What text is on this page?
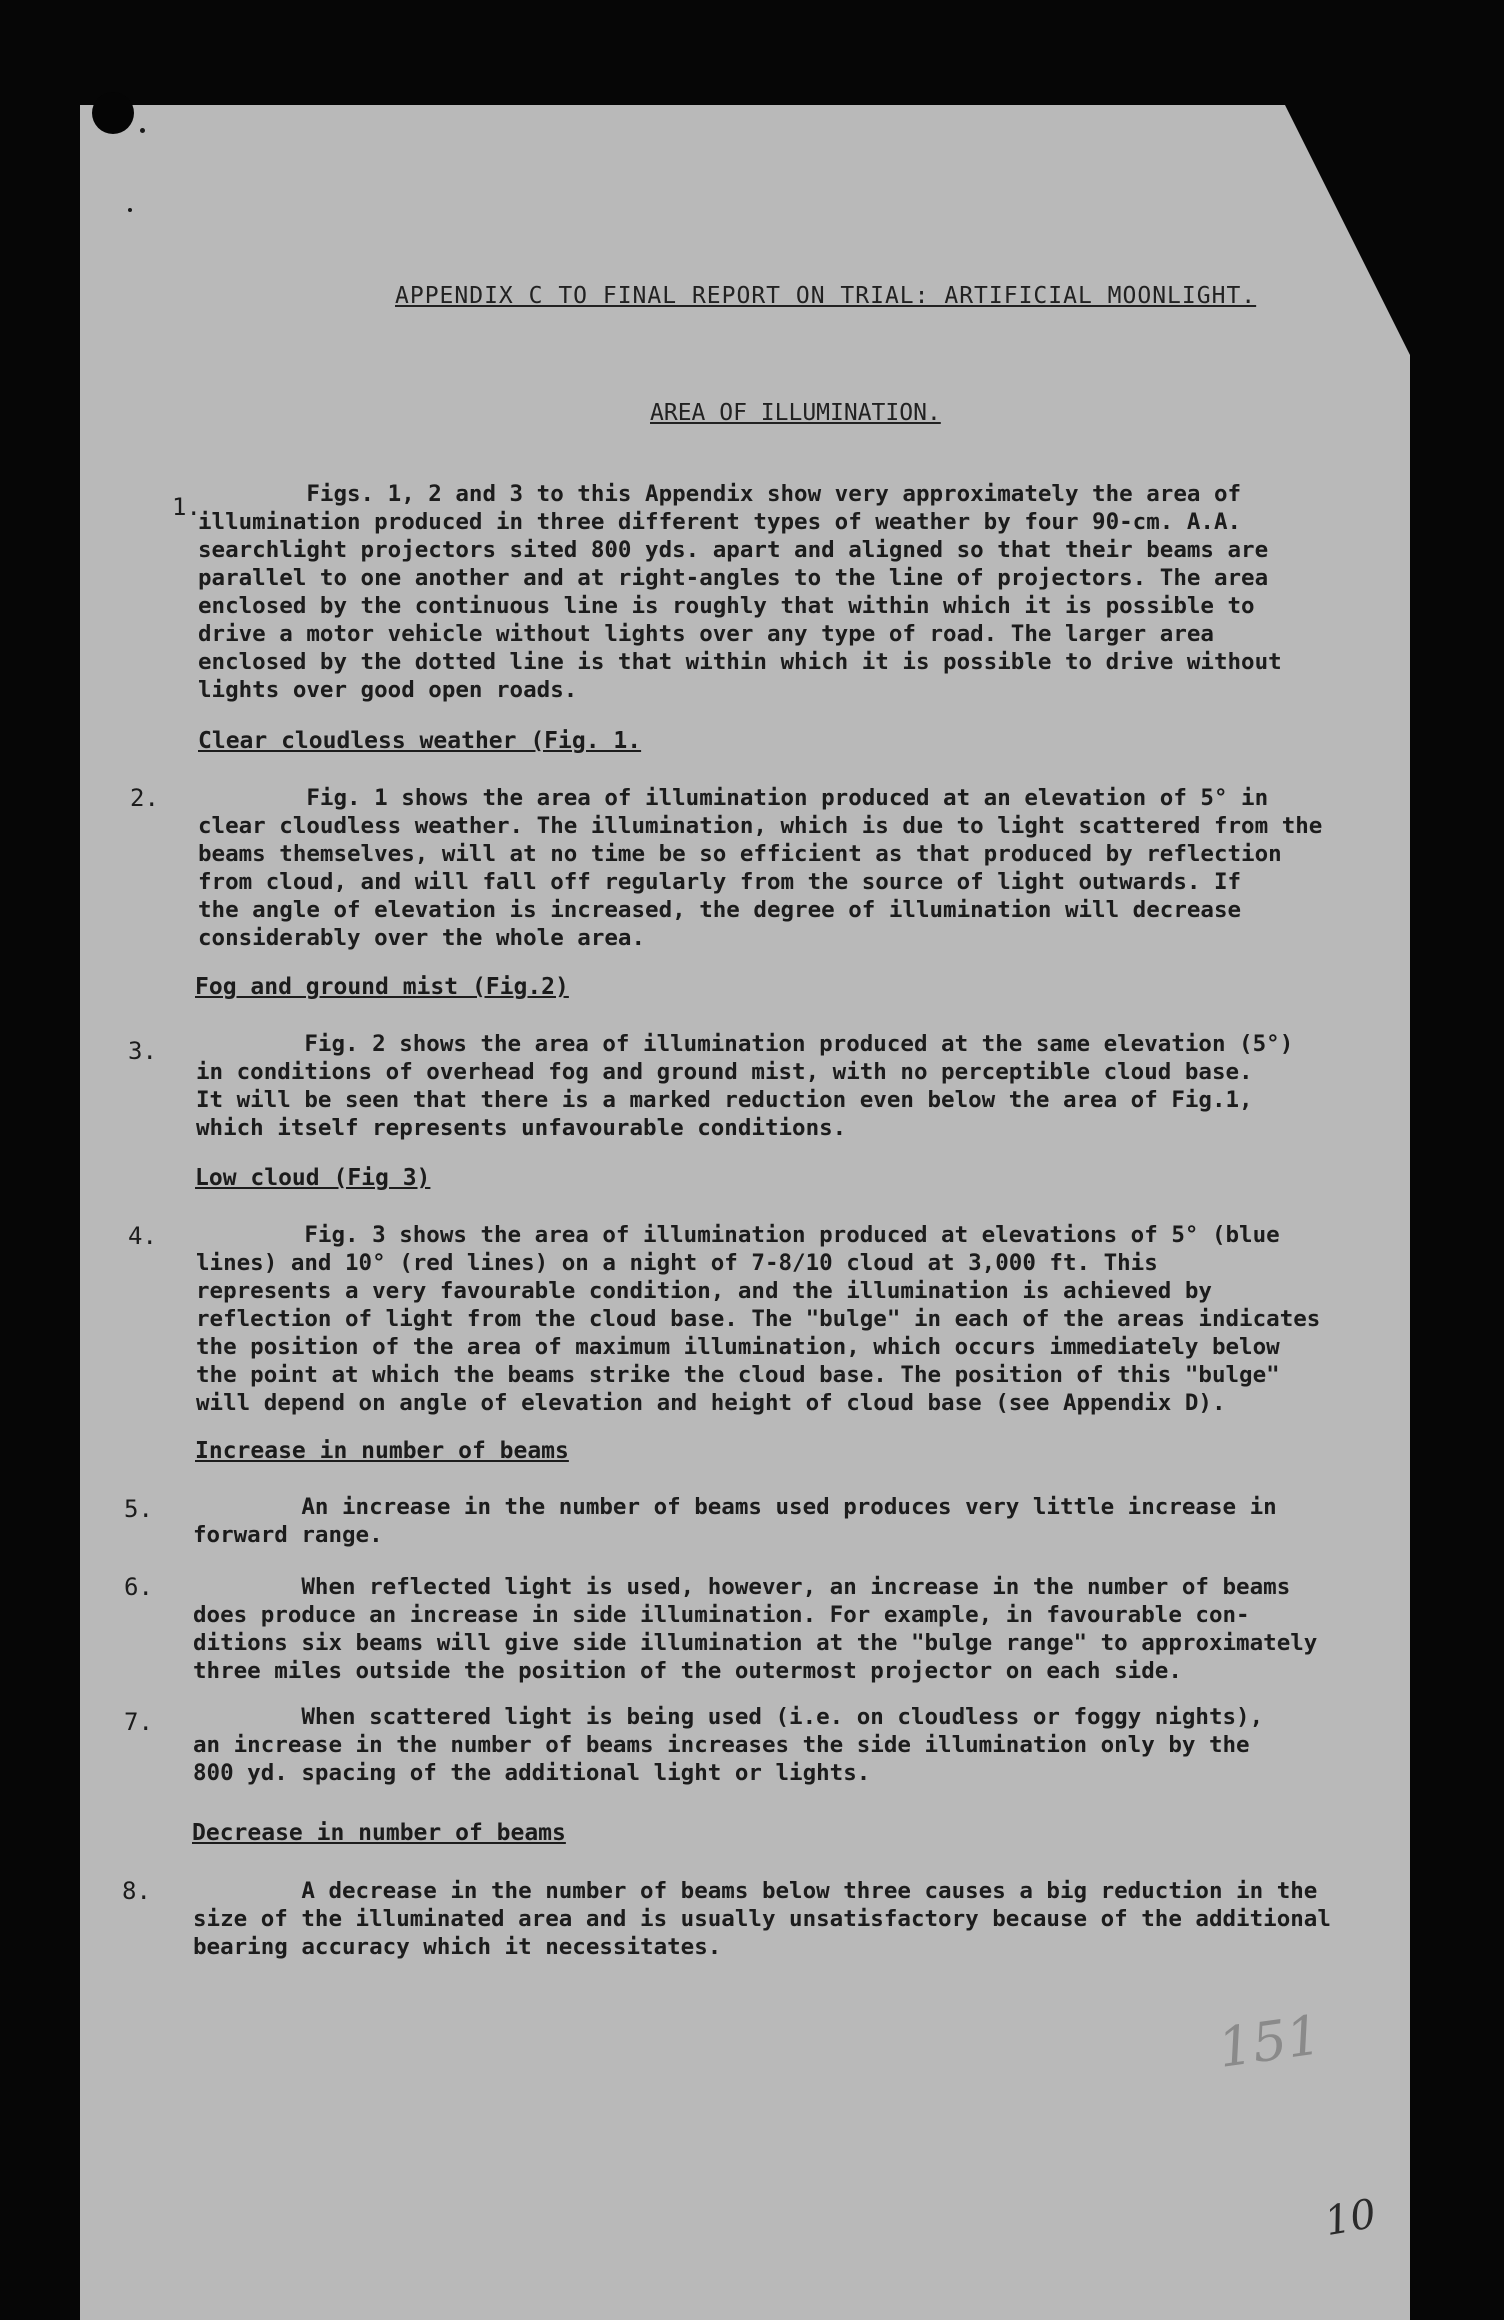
APPENDIX C TO FINAL REPORT ON TRIAL: ARTIFICIAL MOONLIGHT.
AREA OF ILLUMINATION.
1.	Figs. 1, 2 and 3 to this Appendix show very approximately the area of
illumination produced in three different types of weather by four 90-cm. A.A.
searchlight projectors sited 800 yds. apart and aligned so that their beams are
parallel to one another and at right-angles to the line of projectors. The area
enclosed by the continuous line is roughly that within which it is possible to
drive a motor vehicle without lights over any type of road. The larger area
enclosed by the dotted line is that within which it is possible to drive without
lights over good open roads.
Clear cloudless weather (Fig. 1.
2.	Fig. 1 shows the area of illumination produced at an elevation of 5° in
clear cloudless weather. The illumination, which is due to light scattered from the
beams themselves, will at no time be so efficient as that produced by reflection
from cloud, and will fall off regularly from the source of light outwards. If
the angle of elevation is increased, the degree of illumination will decrease
considerably over the whole area.
Fog and ground mist (Fig.2)
3.	Fig. 2 shows the area of illumination produced at the same elevation (5°)
in conditions of overhead fog and ground mist, with no perceptible cloud base.
It will be seen that there is a marked reduction even below the area of Fig.1,
which itself represents unfavourable conditions.
Low cloud (Fig 3)
4.	Fig. 3 shows the area of illumination produced at elevations of 5° (blue
lines) and 10° (red lines) on a night of 7-8/10 cloud at 3,000 ft. This
represents a very favourable condition, and the illumination is achieved by
reflection of light from the cloud base. The "bulge" in each of the areas indicates
the position of the area of maximum illumination, which occurs immediately below
the point at which the beams strike the cloud base. The position of this "bulge"
will depend on angle of elevation and height of cloud base (see Appendix D).
Increase in number of beams
5.	An increase in the number of beams used produces very little increase in
forward range.
6.	When reflected light is used, however, an increase in the number of beams
does produce an increase in side illumination. For example, in favourable con-
ditions six beams will give side illumination at the "bulge range" to approximately
three miles outside the position of the outermost projector on each side.
7.	When scattered light is being used (i.e. on cloudless or foggy nights),
an increase in the number of beams increases the side illumination only by the
800 yd. spacing of the additional light or lights.
Decrease in number of beams
8.	A decrease in the number of beams below three causes a big reduction in the
size of the illuminated area and is usually unsatisfactory because of the additional
bearing accuracy which it necessitates.
151
10
